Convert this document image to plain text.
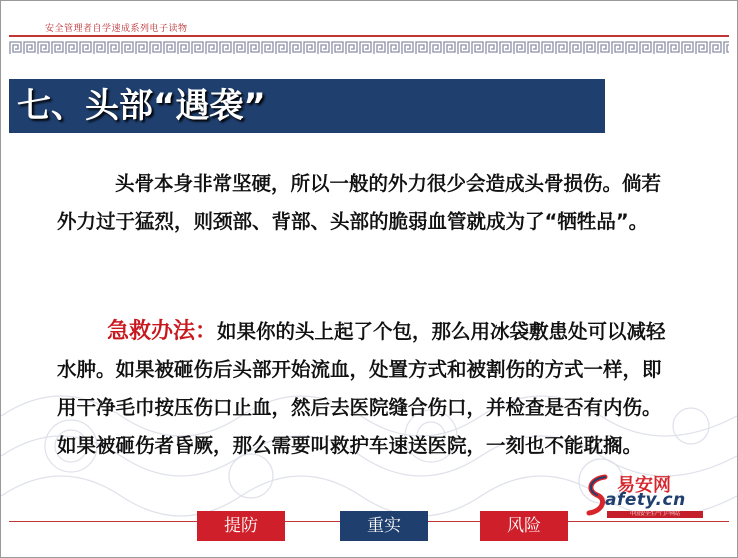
安全管理者自学速成系列电子读物
七、头部“遇袭”
头骨本身非常坚硬，所以一般的外力很少会造成头骨损伤。倘若外力过于猛烈，则颈部、背部、头部的脆弱血管就成为了“牺牲品”。
急救办法：如果你的头上起了个包，那么用冰袋敷患处可以减轻水肿。如果被砸伤后头部开始流血，处置方式和被割伤的方式一样，即用干净毛巾按压伤口止血，然后去医院缝合伤口，并检查是否有内伤。如果被砸伤者昏厥，那么需要叫救护车速送医院，一刻也不能耽搁。
提防	重实	风险
易安网
afety.cn
中国安全生产门户网站
